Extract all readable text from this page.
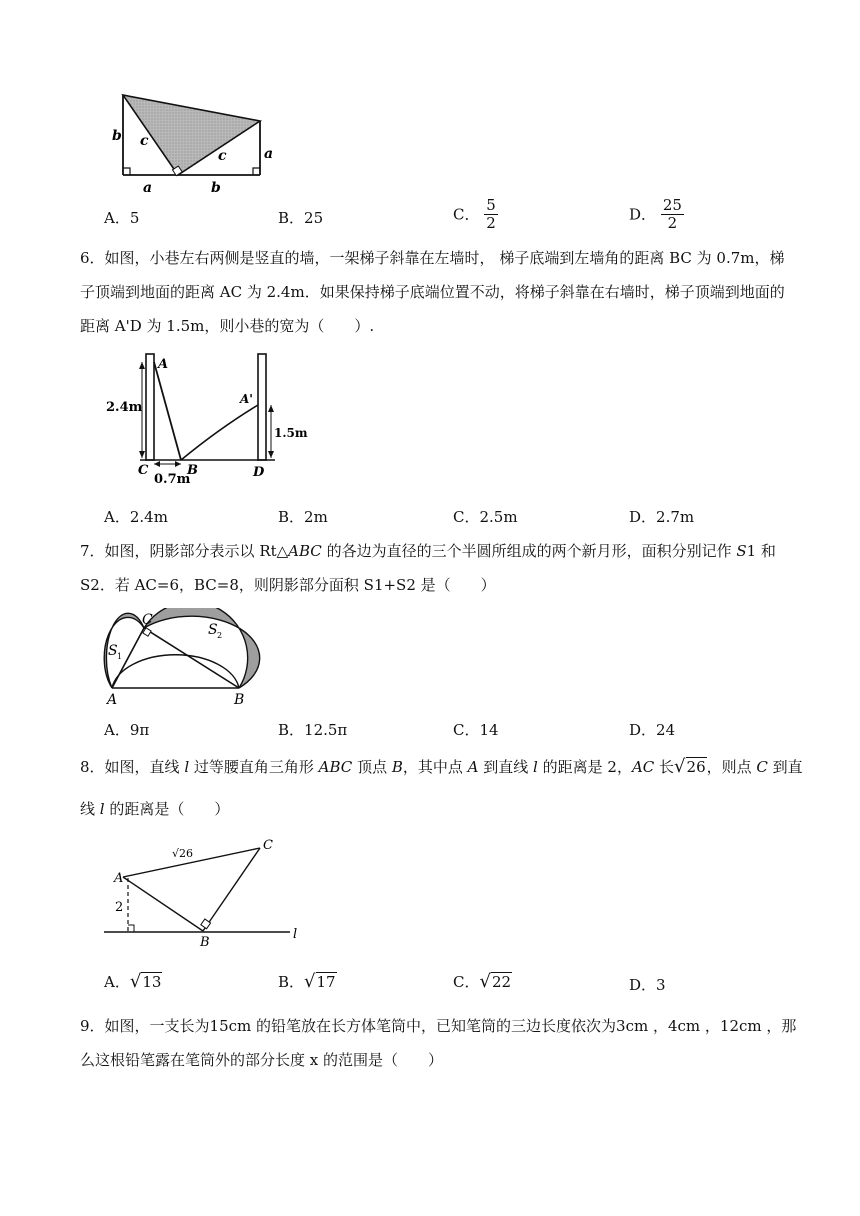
b c
c	a
a	b
A．5	B．25	C． $\frac{5}{2}$	D． $\frac{25}{2}$
6．如图，小巷左右两侧是竖直的墙，一架梯子斜靠在左墙时， 梯子底端到左墙角的距离 BC 为 0.7m，梯
子顶端到地面的距离 AC 为 2.4m．如果保持梯子底端位置不动，将梯子斜靠在右墙时，梯子顶端到地面的
距离 A'D 为 1.5m，则小巷的宽为（　　）.
2.4m
A
A'
1.5m
C	B	D
0.7m
A．2.4m	B．2m	C．2.5m	D．2.7m
7．如图，阴影部分表示以 Rt△ABC 的各边为直径的三个半圆所组成的两个新月形，面积分别记作 S1 和
S2．若 AC=6，BC=8，则阴影部分面积 S1+S2 是（　　）
S 1
S 2
C
A	B
A．9π	B．12.5π	C．14	D．24
8．如图，直线 l 过等腰直角三角形 ABC 顶点 B，其中点 A 到直线 l 的距离是 2，AC 长√26，则点 C 到直
线 l 的距离是（　　）
√26
C
A
2
B
l
A．√13	B．√17	C．√22	D．3
9．如图，一支长为15cm 的铅笔放在长方体笔筒中，已知笔筒的三边长度依次为3cm ，4cm ，12cm ，那
么这根铅笔露在笔筒外的部分长度 x 的范围是（　　）
